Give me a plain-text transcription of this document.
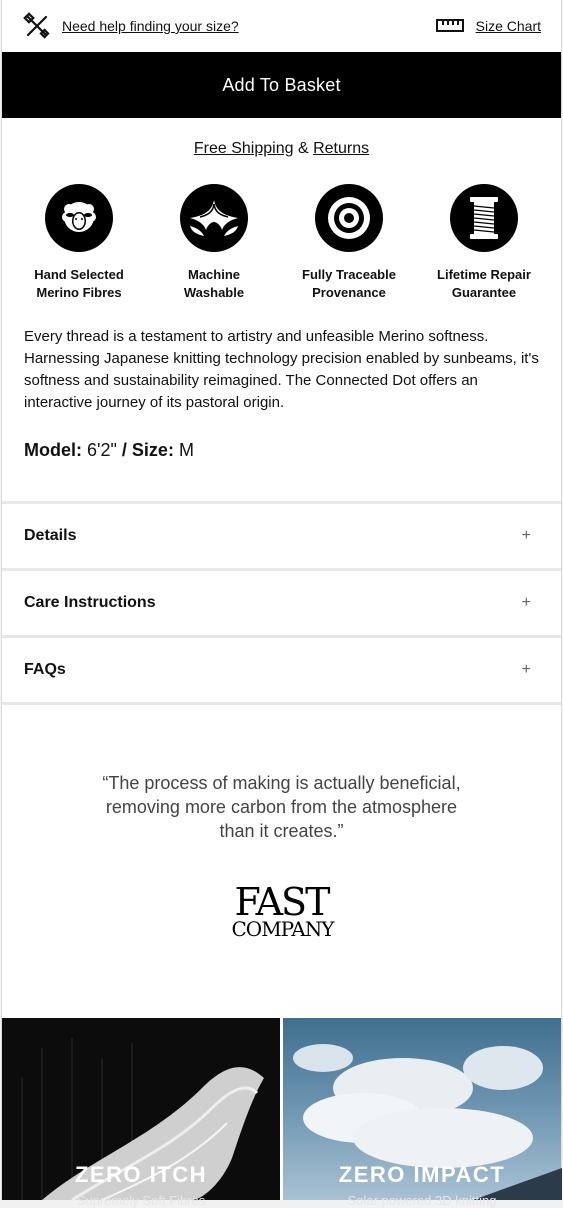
Need help finding your size?	Size Chart
Add To Basket
Free Shipping & Returns
Hand Selected
Merino Fibres
Machine
Washable
Fully Traceable
Provenance
Lifetime Repair
Guarantee
Every thread is a testament to artistry and unfeasible Merino softness. Harnessing Japanese knitting technology precision enabled by sunbeams, it's softness and sustainability reimagined. The Connected Dot offers an interactive journey of its pastoral origin.
Model: 6'2" / Size: M
Details	+
Care Instructions	+
FAQs	+
“The process of making is actually beneficial, removing more carbon from the atmosphere than it creates.”
FAST
COMPANY
ZERO ITCH
Supremely Soft Fibres
ZERO IMPACT
Solar powered 3D knitting
